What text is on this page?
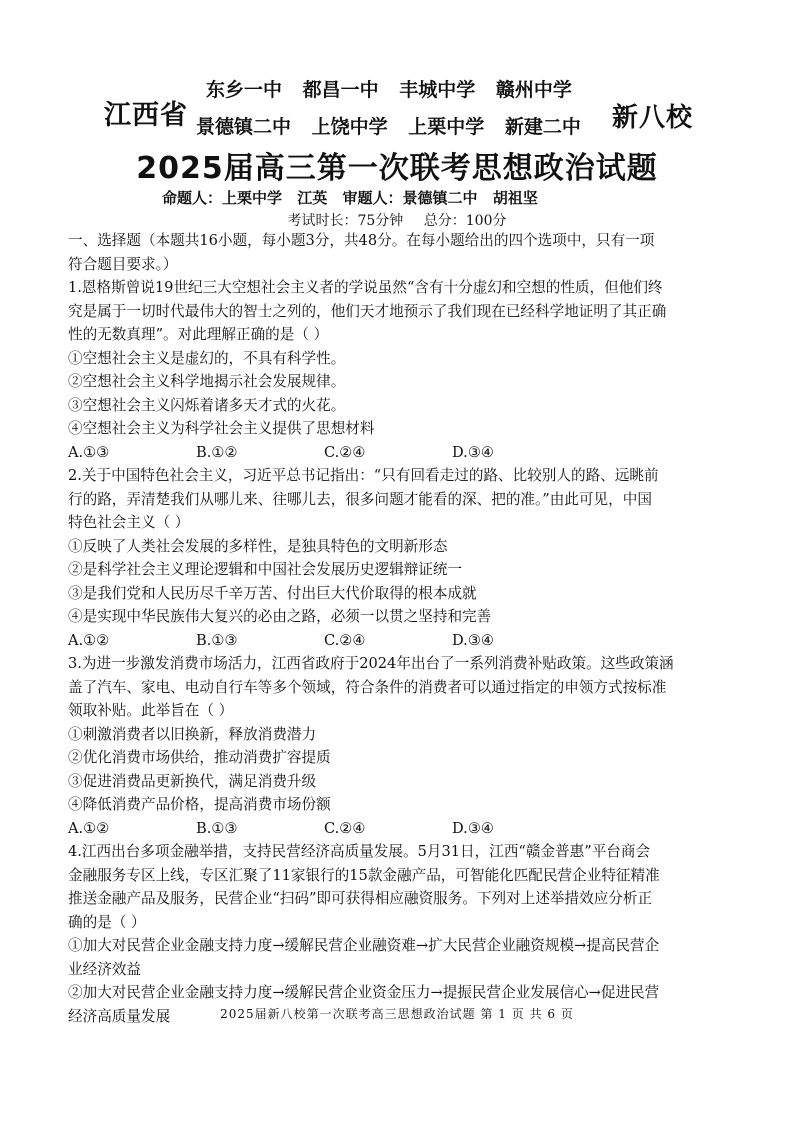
江西省
东乡一中 都昌一中 丰城中学 赣州中学
景德镇二中 上饶中学 上栗中学 新建二中	新八校
2025届高三第一次联考思想政治试题
命题人：上栗中学 江英 审题人：景德镇二中 胡祖坚
考试时长：75分钟 总分：100分

一、选择题（本题共16小题，每小题3分，共48分。在每小题给出的四个选项中，只有一项

符合题目要求。）

1.恩格斯曾说19世纪三大空想社会主义者的学说虽然“含有十分虚幻和空想的性质，但他们终

究是属于一切时代最伟大的智士之列的，他们天才地预示了我们现在已经科学地证明了其正确

性的无数真理”。对此理解正确的是（ ）

①空想社会主义是虚幻的，不具有科学性。

②空想社会主义科学地揭示社会发展规律。

③空想社会主义闪烁着诸多天才式的火花。

④空想社会主义为科学社会主义提供了思想材料

A.①③	B.①②	C.②④	D.③④

2.关于中国特色社会主义，习近平总书记指出：“只有回看走过的路、比较别人的路、远眺前

行的路，弄清楚我们从哪儿来、往哪儿去，很多问题才能看的深、把的准。”由此可见，中国

特色社会主义（ ）

①反映了人类社会发展的多样性，是独具特色的文明新形态

②是科学社会主义理论逻辑和中国社会发展历史逻辑辩证统一

③是我们党和人民历尽千辛万苦、付出巨大代价取得的根本成就

④是实现中华民族伟大复兴的必由之路，必须一以贯之坚持和完善

A.①②	B.①③	C.②④	D.③④

3.为进一步激发消费市场活力，江西省政府于2024年出台了一系列消费补贴政策。这些政策涵

盖了汽车、家电、电动自行车等多个领域，符合条件的消费者可以通过指定的申领方式按标准

领取补贴。此举旨在（ ）

①刺激消费者以旧换新，释放消费潜力

②优化消费市场供给，推动消费扩容提质

③促进消费品更新换代，满足消费升级

④降低消费产品价格，提高消费市场份额

A.①②	B.①③	C.②④	D.③④

4.江西出台多项金融举措，支持民营经济高质量发展。5月31日，江西“赣金普惠”平台商会

金融服务专区上线，专区汇聚了11家银行的15款金融产品，可智能化匹配民营企业特征精准

推送金融产品及服务，民营企业“扫码”即可获得相应融资服务。下列对上述举措效应分析正

确的是（ ）

①加大对民营企业金融支持力度→缓解民营企业融资难→扩大民营企业融资规模→提高民营企

业经济效益

②加大对民营企业金融支持力度→缓解民营企业资金压力→提振民营企业发展信心→促进民营

经济高质量发展	2025届新八校第一次联考高三思想政治试题 第 1 页 共 6 页
